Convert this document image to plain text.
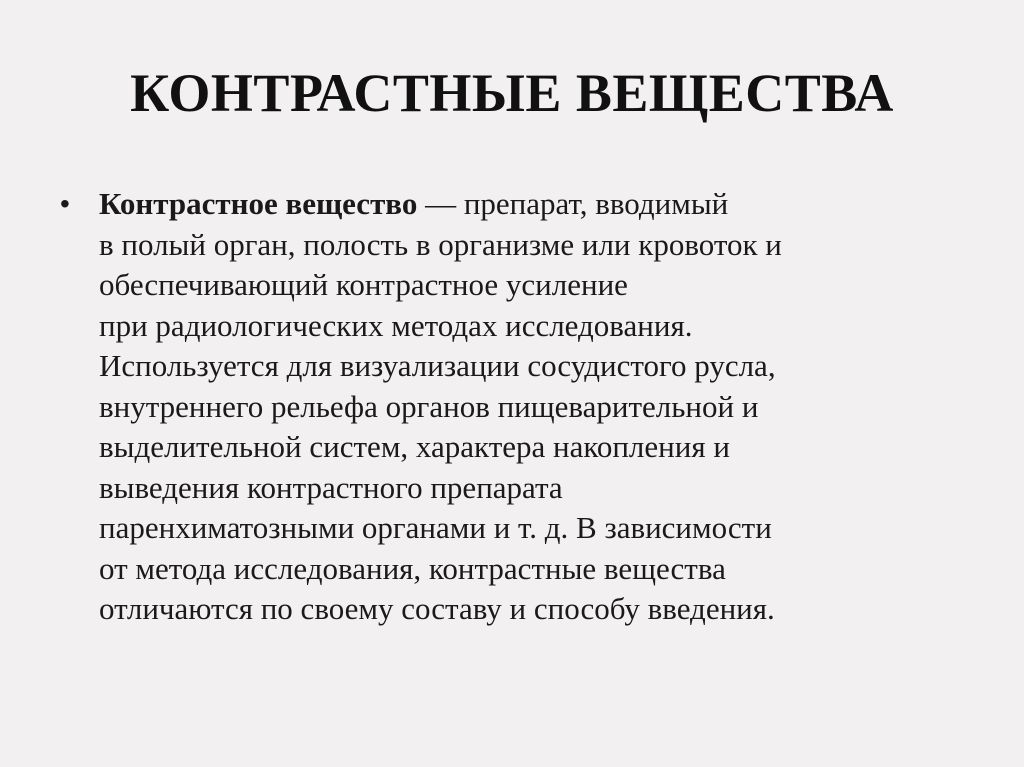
КОНТРАСТНЫЕ ВЕЩЕСТВА
• Контрастное вещество — препарат, вводимый
в полый орган, полость в организме или кровоток и
обеспечивающий контрастное усиление
при радиологических методах исследования.
Используется для визуализации сосудистого русла,
внутреннего рельефа органов пищеварительной и
выделительной систем, характера накопления и
выведения контрастного препарата
паренхиматозными органами и т. д. В зависимости
от метода исследования, контрастные вещества
отличаются по своему составу и способу введения.
